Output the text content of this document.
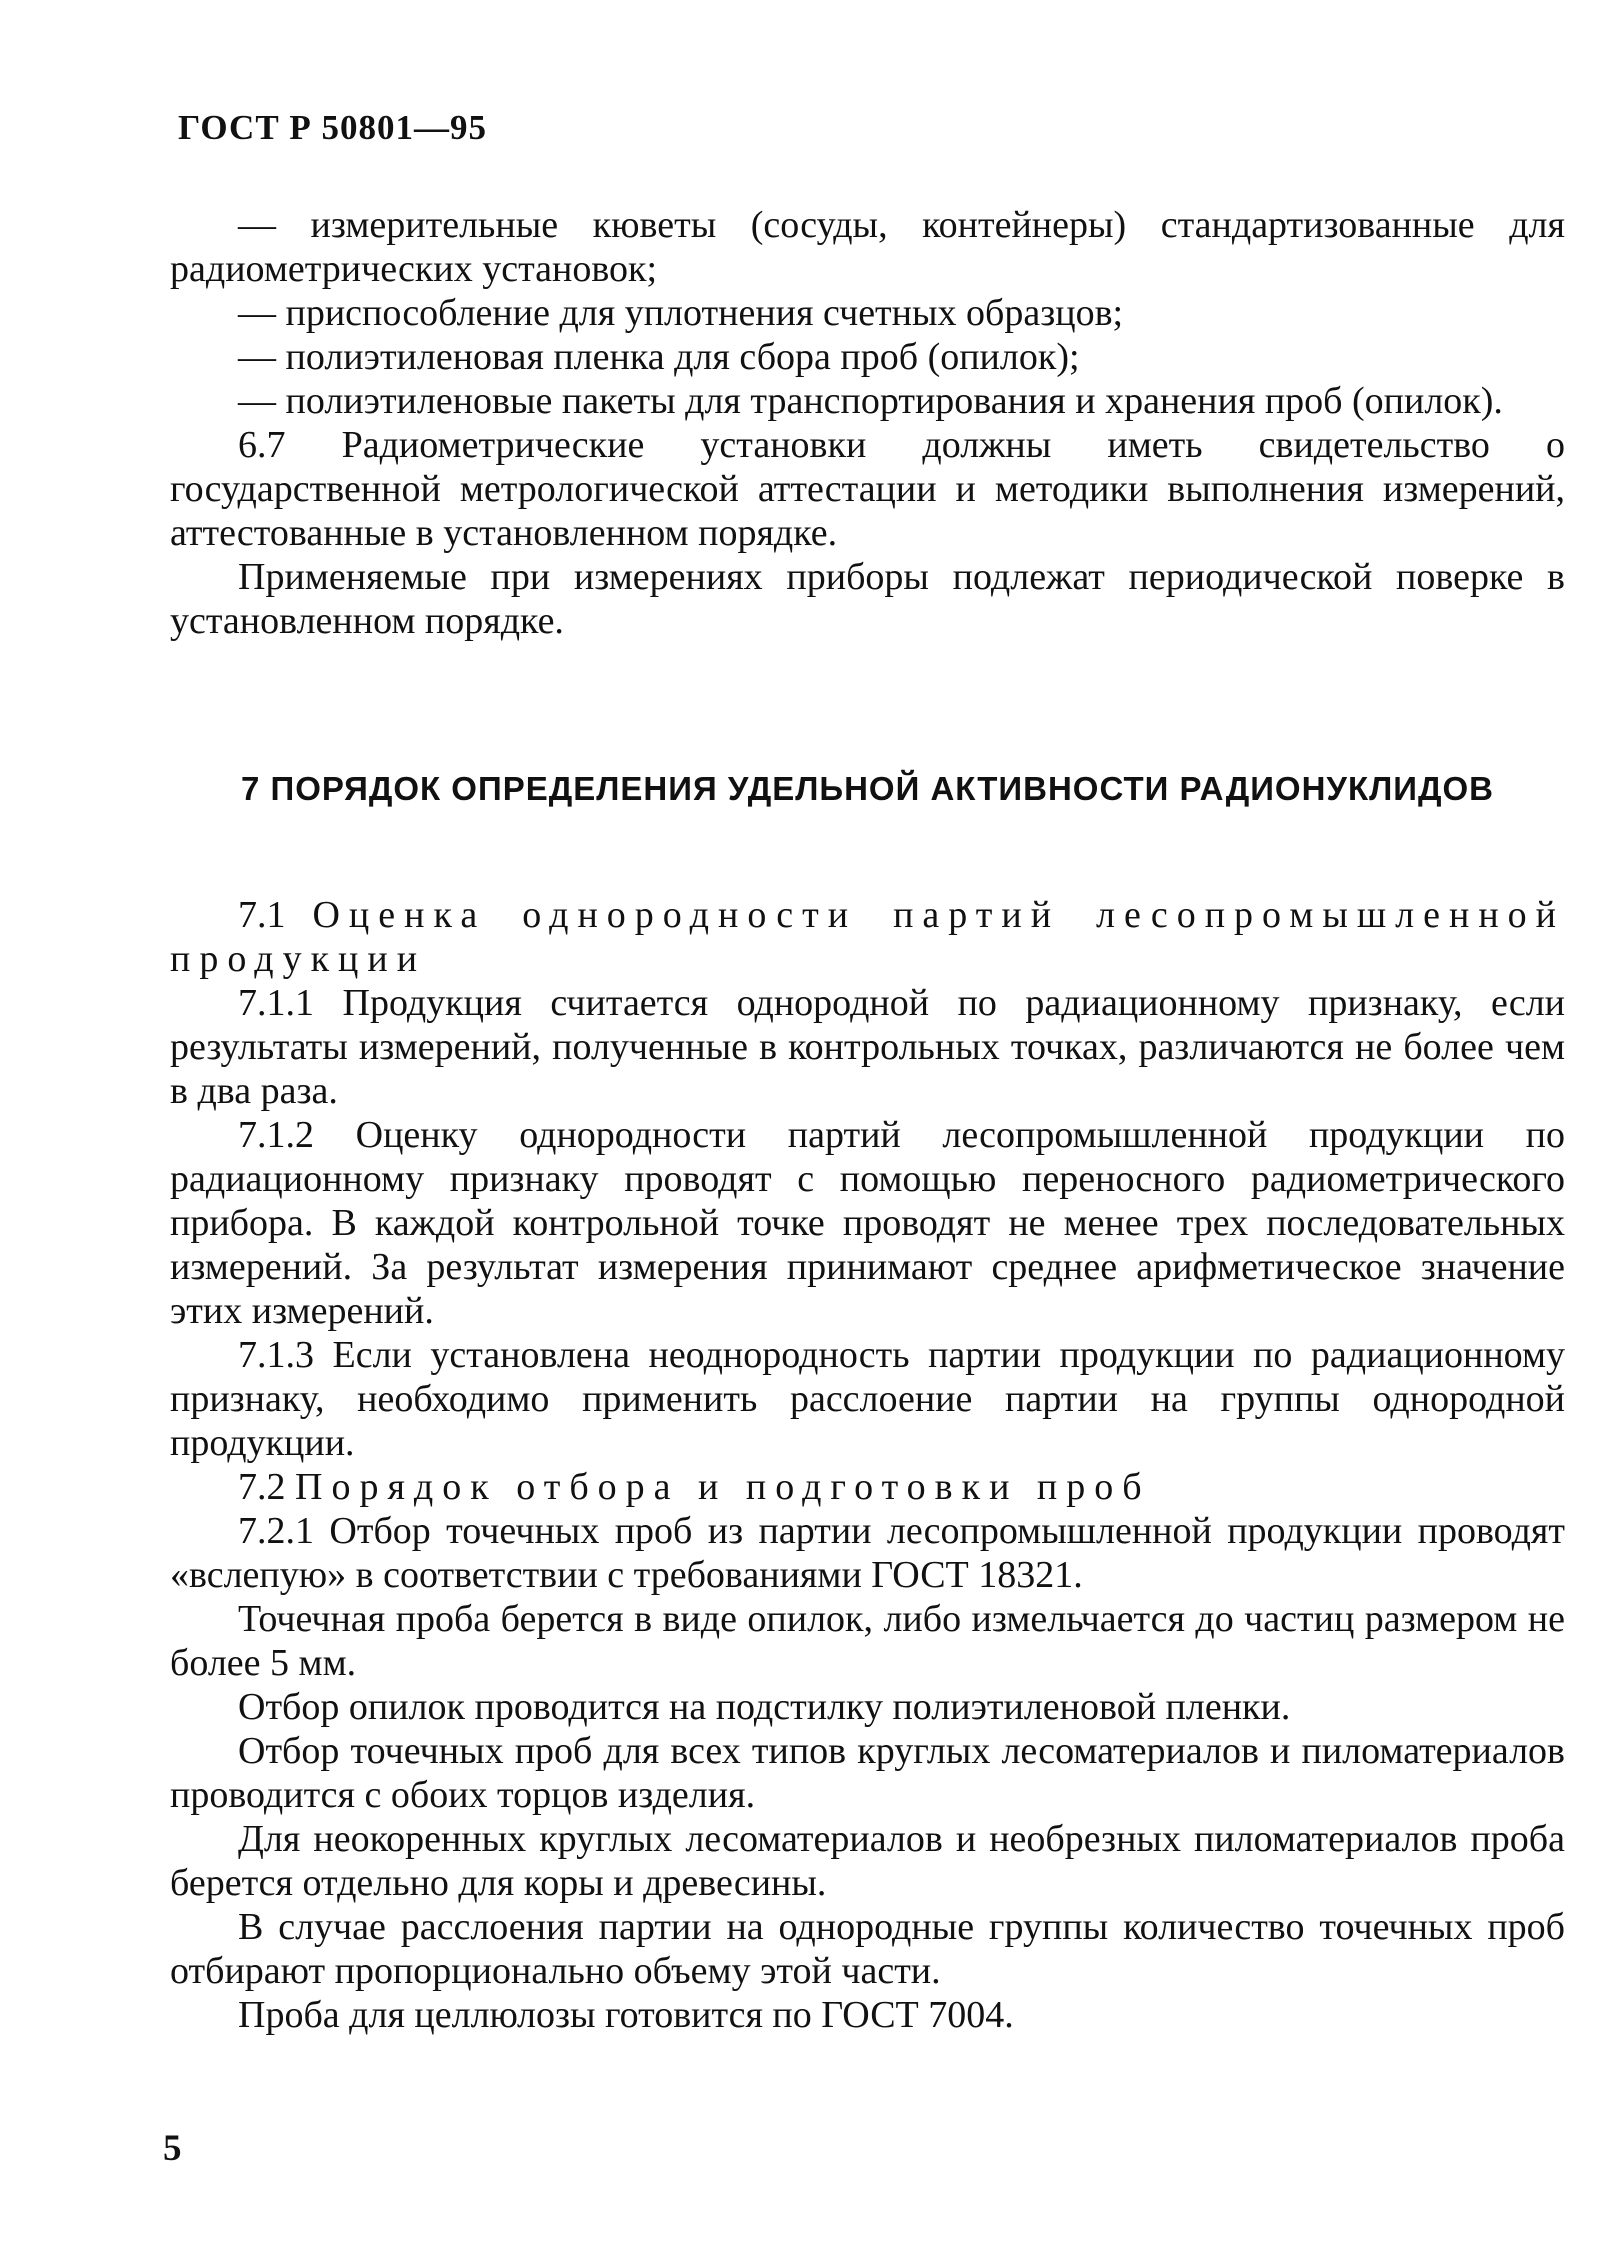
ГОСТ Р 50801—95

— измерительные кюветы (сосуды, контейнеры) стандартизованные для радиометрических установок;

— приспособление для уплотнения счетных образцов;

— полиэтиленовая пленка для сбора проб (опилок);

— полиэтиленовые пакеты для транспортирования и хранения проб (опилок).

6.7 Радиометрические установки должны иметь свидетельство о государственной метрологической аттестации и методики выполнения измерений, аттестованные в установленном порядке.

Применяемые при измерениях приборы подлежат периодической поверке в установленном порядке.

7 ПОРЯДОК ОПРЕДЕЛЕНИЯ УДЕЛЬНОЙ АКТИВНОСТИ РАДИОНУКЛИДОВ

7.1 Оценка однородности партий лесопромышленной продукции

7.1.1 Продукция считается однородной по радиационному признаку, если результаты измерений, полученные в контрольных точках, различаются не более чем в два раза.

7.1.2 Оценку однородности партий лесопромышленной продукции по радиационному признаку проводят с помощью переносного радиометрического прибора. В каждой контрольной точке проводят не менее трех последовательных измерений. За результат измерения принимают среднее арифметическое значение этих измерений.

7.1.3 Если установлена неоднородность партии продукции по радиационному признаку, необходимо применить расслоение партии на группы однородной продукции.

7.2 Порядок отбора и подготовки проб

7.2.1 Отбор точечных проб из партии лесопромышленной продукции проводят «вслепую» в соответствии с требованиями ГОСТ 18321.

Точечная проба берется в виде опилок, либо измельчается до частиц размером не более 5 мм.

Отбор опилок проводится на подстилку полиэтиленовой пленки.

Отбор точечных проб для всех типов круглых лесоматериалов и пиломатериалов проводится с обоих торцов изделия.

Для неокоренных круглых лесоматериалов и необрезных пиломатериалов проба берется отдельно для коры и древесины.

В случае расслоения партии на однородные группы количество точечных проб отбирают пропорционально объему этой части.

Проба для целлюлозы готовится по ГОСТ 7004.

5
